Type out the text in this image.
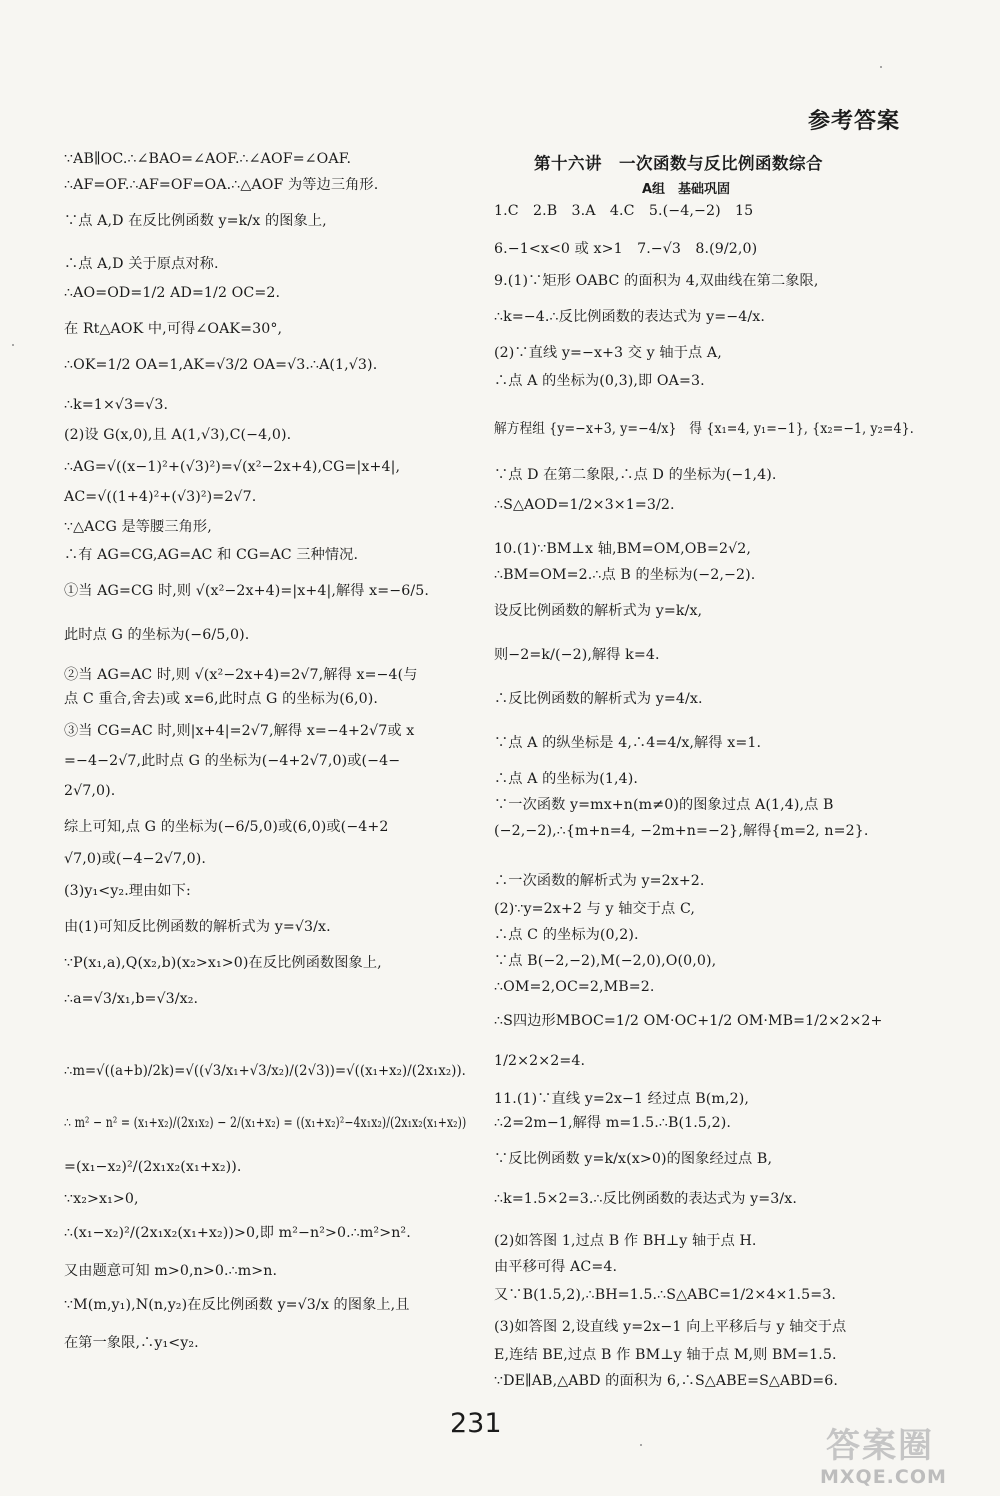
参考答案
∵AB∥OC.∴∠BAO=∠AOF.∴∠AOF=∠OAF.
∴AF=OF.∴AF=OF=OA.∴△AOF 为等边三角形.
∵点 A,D 在反比例函数 y=k/x 的图象上,
∴点 A,D 关于原点对称.
∴AO=OD=1/2 AD=1/2 OC=2.
在 Rt△AOK 中,可得∠OAK=30°,
∴OK=1/2 OA=1,AK=√3/2 OA=√3.∴A(1,√3).
∴k=1×√3=√3.
(2)设 G(x,0),且 A(1,√3),C(−4,0).
∴AG=√((x−1)²+(√3)²)=√(x²−2x+4),CG=|x+4|,
AC=√((1+4)²+(√3)²)=2√7.
∵△ACG 是等腰三角形,
∴有 AG=CG,AG=AC 和 CG=AC 三种情况.
①当 AG=CG 时,则 √(x²−2x+4)=|x+4|,解得 x=−6/5.
此时点 G 的坐标为(−6/5,0).
②当 AG=AC 时,则 √(x²−2x+4)=2√7,解得 x=−4(与
点 C 重合,舍去)或 x=6,此时点 G 的坐标为(6,0).
③当 CG=AC 时,则|x+4|=2√7,解得 x=−4+2√7或 x
=−4−2√7,此时点 G 的坐标为(−4+2√7,0)或(−4−
2√7,0).
综上可知,点 G 的坐标为(−6/5,0)或(6,0)或(−4+2
√7,0)或(−4−2√7,0).
(3)y₁<y₂.理由如下:
由(1)可知反比例函数的解析式为 y=√3/x.
∵P(x₁,a),Q(x₂,b)(x₂>x₁>0)在反比例函数图象上,
∴a=√3/x₁,b=√3/x₂.
∴m=√((a+b)/2k)=√((√3/x₁+√3/x₂)/(2√3))=√((x₁+x₂)/(2x₁x₂)).
∴ m² − n² = (x₁+x₂)/(2x₁x₂) − 2/(x₁+x₂) = ((x₁+x₂)²−4x₁x₂)/(2x₁x₂(x₁+x₂))
=(x₁−x₂)²/(2x₁x₂(x₁+x₂)).
∵x₂>x₁>0,
∴(x₁−x₂)²/(2x₁x₂(x₁+x₂))>0,即 m²−n²>0.∴m²>n².
又由题意可知 m>0,n>0.∴m>n.
∵M(m,y₁),N(n,y₂)在反比例函数 y=√3/x 的图象上,且
在第一象限,∴y₁<y₂.
第十六讲　一次函数与反比例函数综合
A组　基础巩固
1.C　2.B　3.A　4.C　5.(−4,−2)　15
6.−1<x<0 或 x>1　7.−√3　8.(9/2,0)
9.(1)∵矩形 OABC 的面积为 4,双曲线在第二象限,
∴k=−4.∴反比例函数的表达式为 y=−4/x.
(2)∵直线 y=−x+3 交 y 轴于点 A,
∴点 A 的坐标为(0,3),即 OA=3.
解方程组 {y=−x+3, y=−4/x}　得 {x₁=4, y₁=−1}, {x₂=−1, y₂=4}.
∵点 D 在第二象限,∴点 D 的坐标为(−1,4).
∴S△AOD=1/2×3×1=3/2.
10.(1)∵BM⊥x 轴,BM=OM,OB=2√2,
∴BM=OM=2.∴点 B 的坐标为(−2,−2).
设反比例函数的解析式为 y=k/x,
则−2=k/(−2),解得 k=4.
∴反比例函数的解析式为 y=4/x.
∵点 A 的纵坐标是 4,∴4=4/x,解得 x=1.
∴点 A 的坐标为(1,4).
∵一次函数 y=mx+n(m≠0)的图象过点 A(1,4),点 B
(−2,−2),∴{m+n=4, −2m+n=−2},解得{m=2, n=2}.
∴一次函数的解析式为 y=2x+2.
(2)∵y=2x+2 与 y 轴交于点 C,
∴点 C 的坐标为(0,2).
∵点 B(−2,−2),M(−2,0),O(0,0),
∴OM=2,OC=2,MB=2.
∴S四边形MBOC=1/2 OM·OC+1/2 OM·MB=1/2×2×2+
1/2×2×2=4.
11.(1)∵直线 y=2x−1 经过点 B(m,2),
∴2=2m−1,解得 m=1.5.∴B(1.5,2).
∵反比例函数 y=k/x(x>0)的图象经过点 B,
∴k=1.5×2=3.∴反比例函数的表达式为 y=3/x.
(2)如答图 1,过点 B 作 BH⊥y 轴于点 H.
由平移可得 AC=4.
又∵B(1.5,2),∴BH=1.5.∴S△ABC=1/2×4×1.5=3.
(3)如答图 2,设直线 y=2x−1 向上平移后与 y 轴交于点
E,连结 BE,过点 B 作 BM⊥y 轴于点 M,则 BM=1.5.
∵DE∥AB,△ABD 的面积为 6,∴S△ABE=S△ABD=6.
231
答案圈
MXQE.COM
